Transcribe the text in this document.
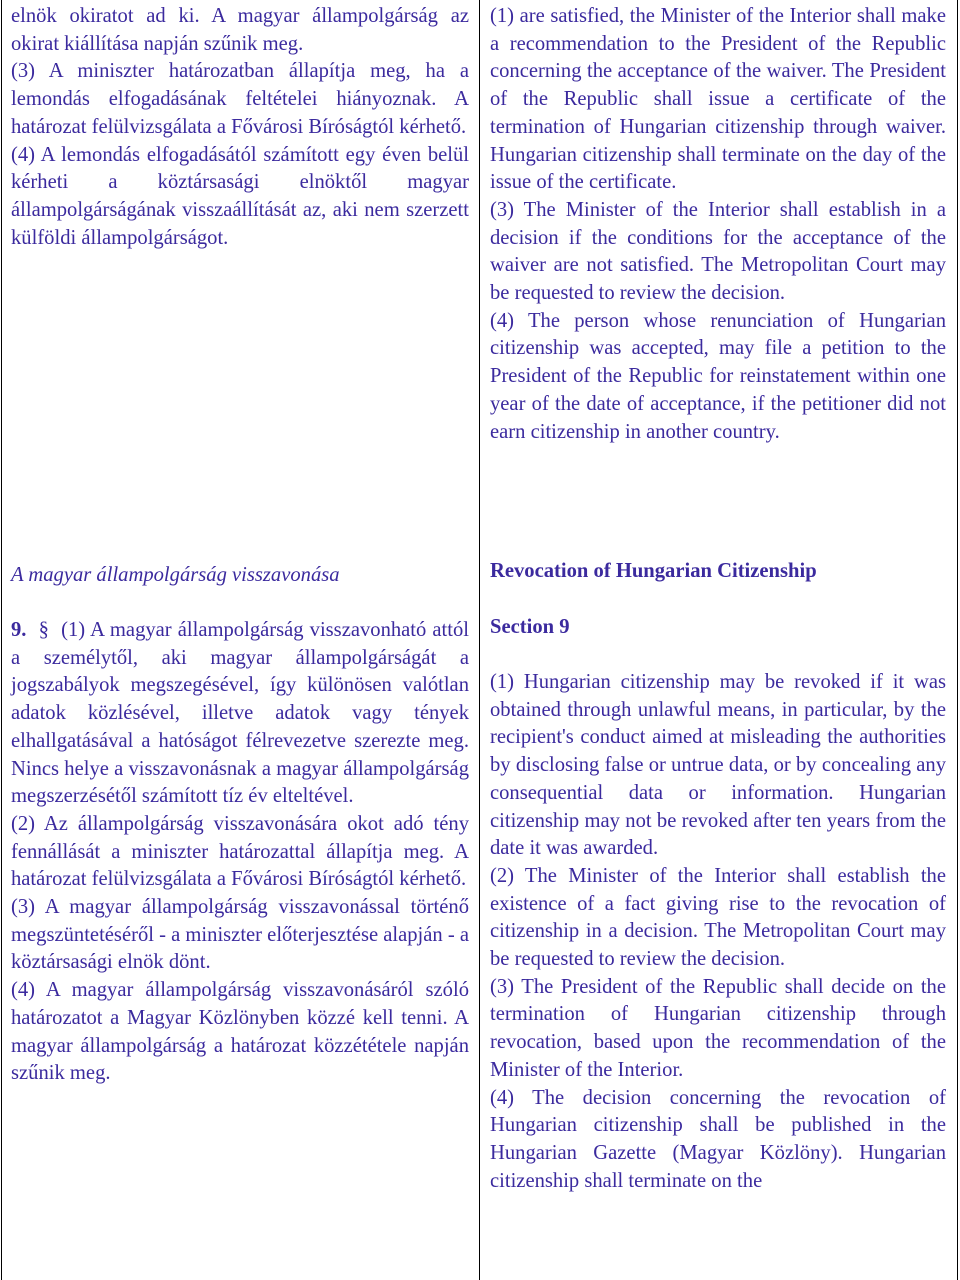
elnök okiratot ad ki. A magyar állampolgárság az okirat kiállítása napján szűnik meg.

(3) A miniszter határozatban állapítja meg, ha a lemondás elfogadásának feltételei hiányoznak. A határozat felülvizsgálata a Fővárosi Bíróságtól kérhető.

(4) A lemondás elfogadásától számított egy éven belül kérheti a köztársasági elnöktől magyar állampolgárságának visszaállítását az, aki nem szerzett külföldi állampolgárságot.

A magyar állampolgárság visszavonása

9. § (1) A magyar állampolgárság visszavonható attól a személytől, aki magyar állampolgárságát a jogszabályok megszegésével, így különösen valótlan adatok közlésével, illetve adatok vagy tények elhallgatásával a hatóságot félrevezetve szerezte meg. Nincs helye a visszavonásnak a magyar állampolgárság megszerzésétől számított tíz év elteltével.

(2) Az állampolgárság visszavonására okot adó tény fennállását a miniszter határozattal állapítja meg. A határozat felülvizsgálata a Fővárosi Bíróságtól kérhető.

(3) A magyar állampolgárság visszavonással történő megszüntetéséről - a miniszter előterjesztése alapján - a köztársasági elnök dönt.

(4) A magyar állampolgárság visszavonásáról szóló határozatot a Magyar Közlönyben közzé kell tenni. A magyar állampolgárság a határozat közzététele napján szűnik meg.

(1) are satisfied, the Minister of the Interior shall make a recommendation to the President of the Republic concerning the acceptance of the waiver. The President of the Republic shall issue a certificate of the termination of Hungarian citizenship through waiver. Hungarian citizenship shall terminate on the day of the issue of the certificate.

(3) The Minister of the Interior shall establish in a decision if the conditions for the acceptance of the waiver are not satisfied. The Metropolitan Court may be requested to review the decision.

(4) The person whose renunciation of Hungarian citizenship was accepted, may file a petition to the President of the Republic for reinstatement within one year of the date of acceptance, if the petitioner did not earn citizenship in another country.

Revocation of Hungarian Citizenship

Section 9

(1) Hungarian citizenship may be revoked if it was obtained through unlawful means, in particular, by the recipient's conduct aimed at misleading the authorities by disclosing false or untrue data, or by concealing any consequential data or information. Hungarian citizenship may not be revoked after ten years from the date it was awarded.

(2) The Minister of the Interior shall establish the existence of a fact giving rise to the revocation of citizenship in a decision. The Metropolitan Court may be requested to review the decision.

(3) The President of the Republic shall decide on the termination of Hungarian citizenship through revocation, based upon the recommendation of the Minister of the Interior.

(4) The decision concerning the revocation of Hungarian citizenship shall be published in the Hungarian Gazette (Magyar Közlöny). Hungarian citizenship shall terminate on the
